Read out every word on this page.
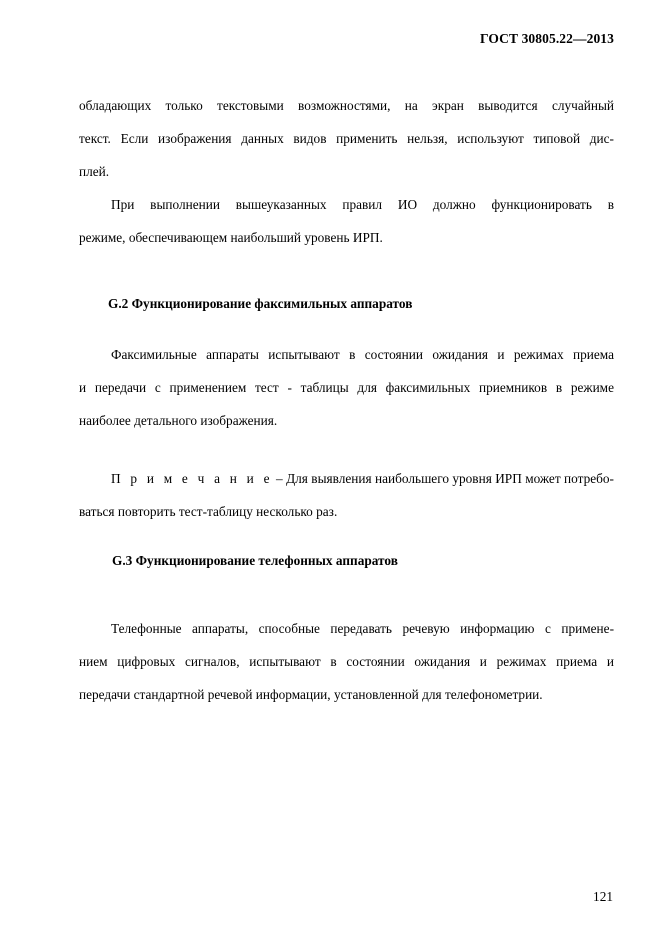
ГОСТ 30805.22—2013
обладающих только текстовыми возможностями, на экран выводится случайный
текст. Если изображения данных видов применить нельзя, используют типовой дис-
плей.
При выполнении вышеуказанных правил ИО должно функционировать в
режиме, обеспечивающем наибольший уровень ИРП.
G.2 Функционирование факсимильных аппаратов
Факсимильные аппараты испытывают в состоянии ожидания и режимах приема
и передачи с применением тест - таблицы для факсимильных приемников в режиме
наиболее детального изображения.
П р и м е ч а н и е – Для выявления наибольшего уровня ИРП может потребо-
ваться повторить тест-таблицу несколько раз.
G.3 Функционирование телефонных аппаратов
Телефонные аппараты, способные передавать речевую информацию с примене-
нием цифровых сигналов, испытывают в состоянии ожидания и режимах приема и
передачи стандартной речевой информации, установленной для телефонометрии.
121
